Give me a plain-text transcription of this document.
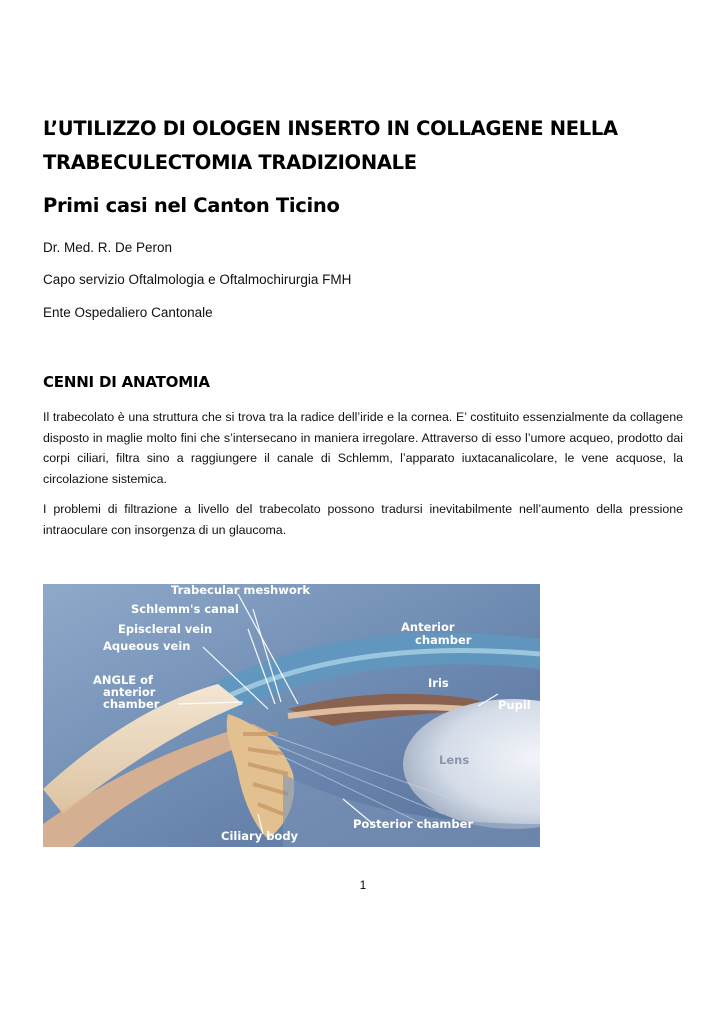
L’UTILIZZO DI OLOGEN INSERTO IN COLLAGENE NELLA TRABECULECTOMIA TRADIZIONALE
Primi casi nel Canton Ticino
Dr. Med. R. De Peron
Capo servizio Oftalmologia e Oftalmochirurgia FMH
Ente Ospedaliero Cantonale
CENNI DI ANATOMIA

Il trabecolato è una struttura che si trova tra la radice dell’iride e la cornea. E’ costituito essenzialmente da collagene disposto in maglie molto fini che s’intersecano in maniera irregolare. Attraverso di esso l’umore acqueo, prodotto dai corpi ciliari, filtra sino a raggiungere il canale di Schlemm, l’apparato iuxtacanalicolare, le vene acquose, la circolazione sistemica.

I problemi di filtrazione a livello del trabecolato possono tradursi inevitabilmente nell’aumento della pressione intraoculare con insorgenza di un glaucoma.

Trabecular meshwork
Schlemm's canal
Episcleral vein
Aqueous vein
ANGLE of
anterior
chamber
Anterior
chamber
Iris
Pupil
Lens
Posterior chamber
Ciliary body
1
